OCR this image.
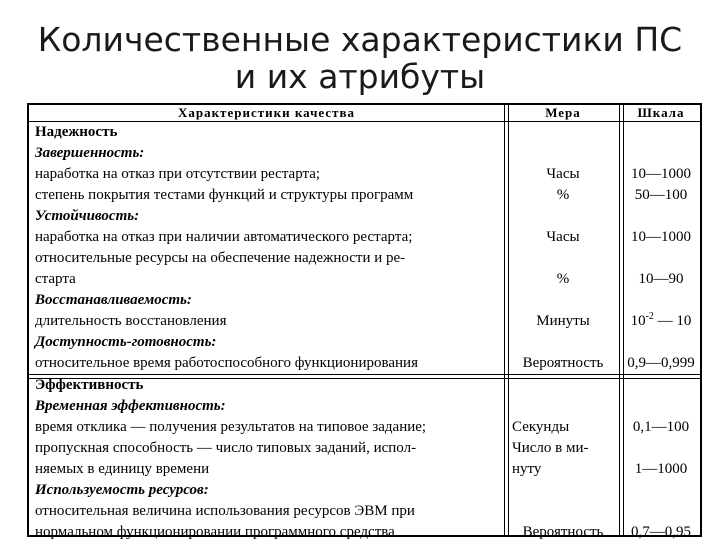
Количественные характеристики ПС
и их атрибуты
Характеристики качества	Мера	Шкала
Надежность
Завершенность:
наработка на отказ при отсутствии рестарта;	Часы	10—1000
степень покрытия тестами функций и структуры программ	%	50—100
Устойчивость:
наработка на отказ при наличии автоматического рестарта;	Часы	10—1000
относительные ресурсы на обеспечение надежности и ре-
старта	%	10—90
Восстанавливаемость:
длительность восстановления	Минуты	$10^{-2}$ — 10
Доступность-готовность:
относительное время работоспособного функционирования	Вероятность	0,9—0,999
Эффективность
Временная эффективность:
время отклика — получения результатов на типовое задание;	Секунды	0,1—100
пропускная способность — число типовых заданий, испол-	Число в ми-
няемых в единицу времени	нуту	1—1000
Используемость ресурсов:
относительная величина использования ресурсов ЭВМ при
нормальном функционировании программного средства	Вероятность	0,7—0,95
